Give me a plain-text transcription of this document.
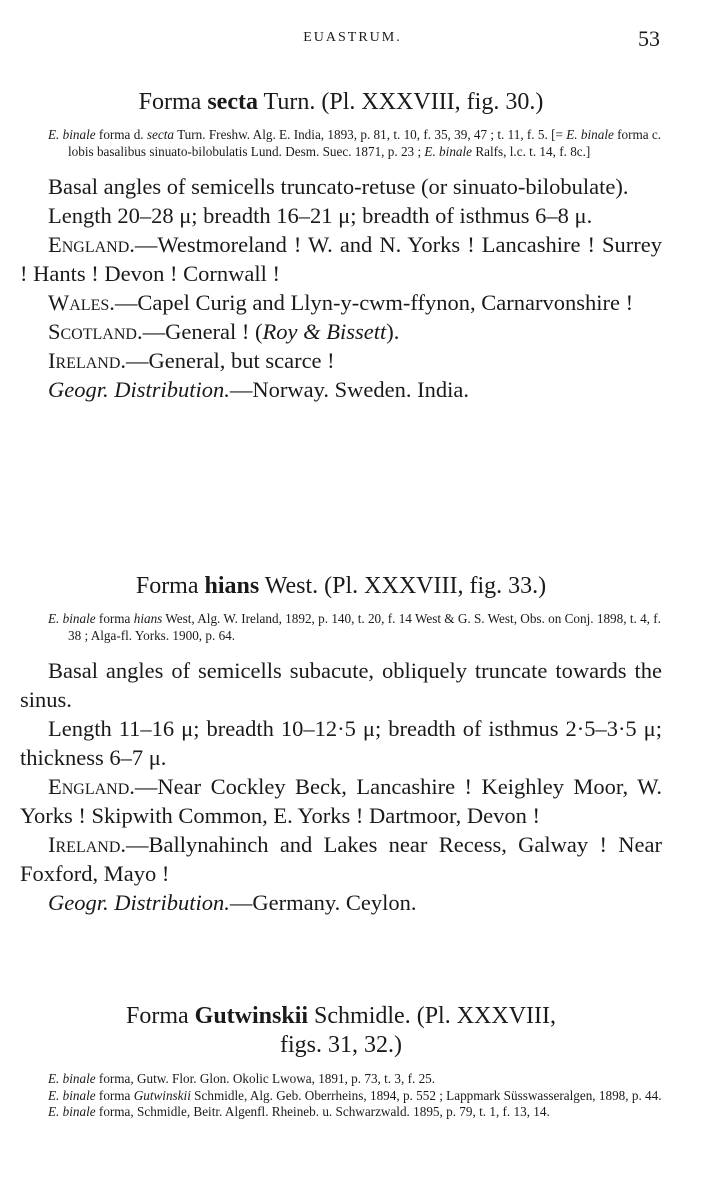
EUASTRUM.	53
Forma secta Turn. (Pl. XXXVIII, fig. 30.)
E. binale forma d. secta Turn. Freshw. Alg. E. India, 1893, p. 81, t. 10, f. 35, 39, 47 ; t. 11, f. 5. [= E. binale forma c. lobis basalibus sinuato-bilobulatis Lund. Desm. Suec. 1871, p. 23 ; E. binale Ralfs, l.c. t. 14, f. 8c.]

Basal angles of semicells truncato-retuse (or sinuato-bilobulate).

Length 20–28 μ; breadth 16–21 μ; breadth of isthmus 6–8 μ.

England.—Westmoreland ! W. and N. Yorks ! Lancashire ! Surrey ! Hants ! Devon ! Cornwall !

Wales.—Capel Curig and Llyn-y-cwm-ffynon, Carnarvonshire !

Scotland.—General ! (Roy & Bissett).

Ireland.—General, but scarce !

Geogr. Distribution.—Norway. Sweden. India.

Forma hians West. (Pl. XXXVIII, fig. 33.)
E. binale forma hians West, Alg. W. Ireland, 1892, p. 140, t. 20, f. 14 West & G. S. West, Obs. on Conj. 1898, t. 4, f. 38 ; Alga-fl. Yorks. 1900, p. 64.

Basal angles of semicells subacute, obliquely truncate towards the sinus.

Length 11–16 μ; breadth 10–12·5 μ; breadth of isthmus 2·5–3·5 μ; thickness 6–7 μ.

England.—Near Cockley Beck, Lancashire ! Keighley Moor, W. Yorks ! Skipwith Common, E. Yorks ! Dartmoor, Devon !

Ireland.—Ballynahinch and Lakes near Recess, Galway ! Near Foxford, Mayo !

Geogr. Distribution.—Germany. Ceylon.

Forma Gutwinskii Schmidle. (Pl. XXXVIII,
figs. 31, 32.)
E. binale forma, Gutw. Flor. Glon. Okolic Lwowa, 1891, p. 73, t. 3, f. 25.
E. binale forma Gutwinskii Schmidle, Alg. Geb. Oberrheins, 1894, p. 552 ; Lappmark Süsswasseralgen, 1898, p. 44.
E. binale forma, Schmidle, Beitr. Algenfl. Rheineb. u. Schwarzwald. 1895, p. 79, t. 1, f. 13, 14.
